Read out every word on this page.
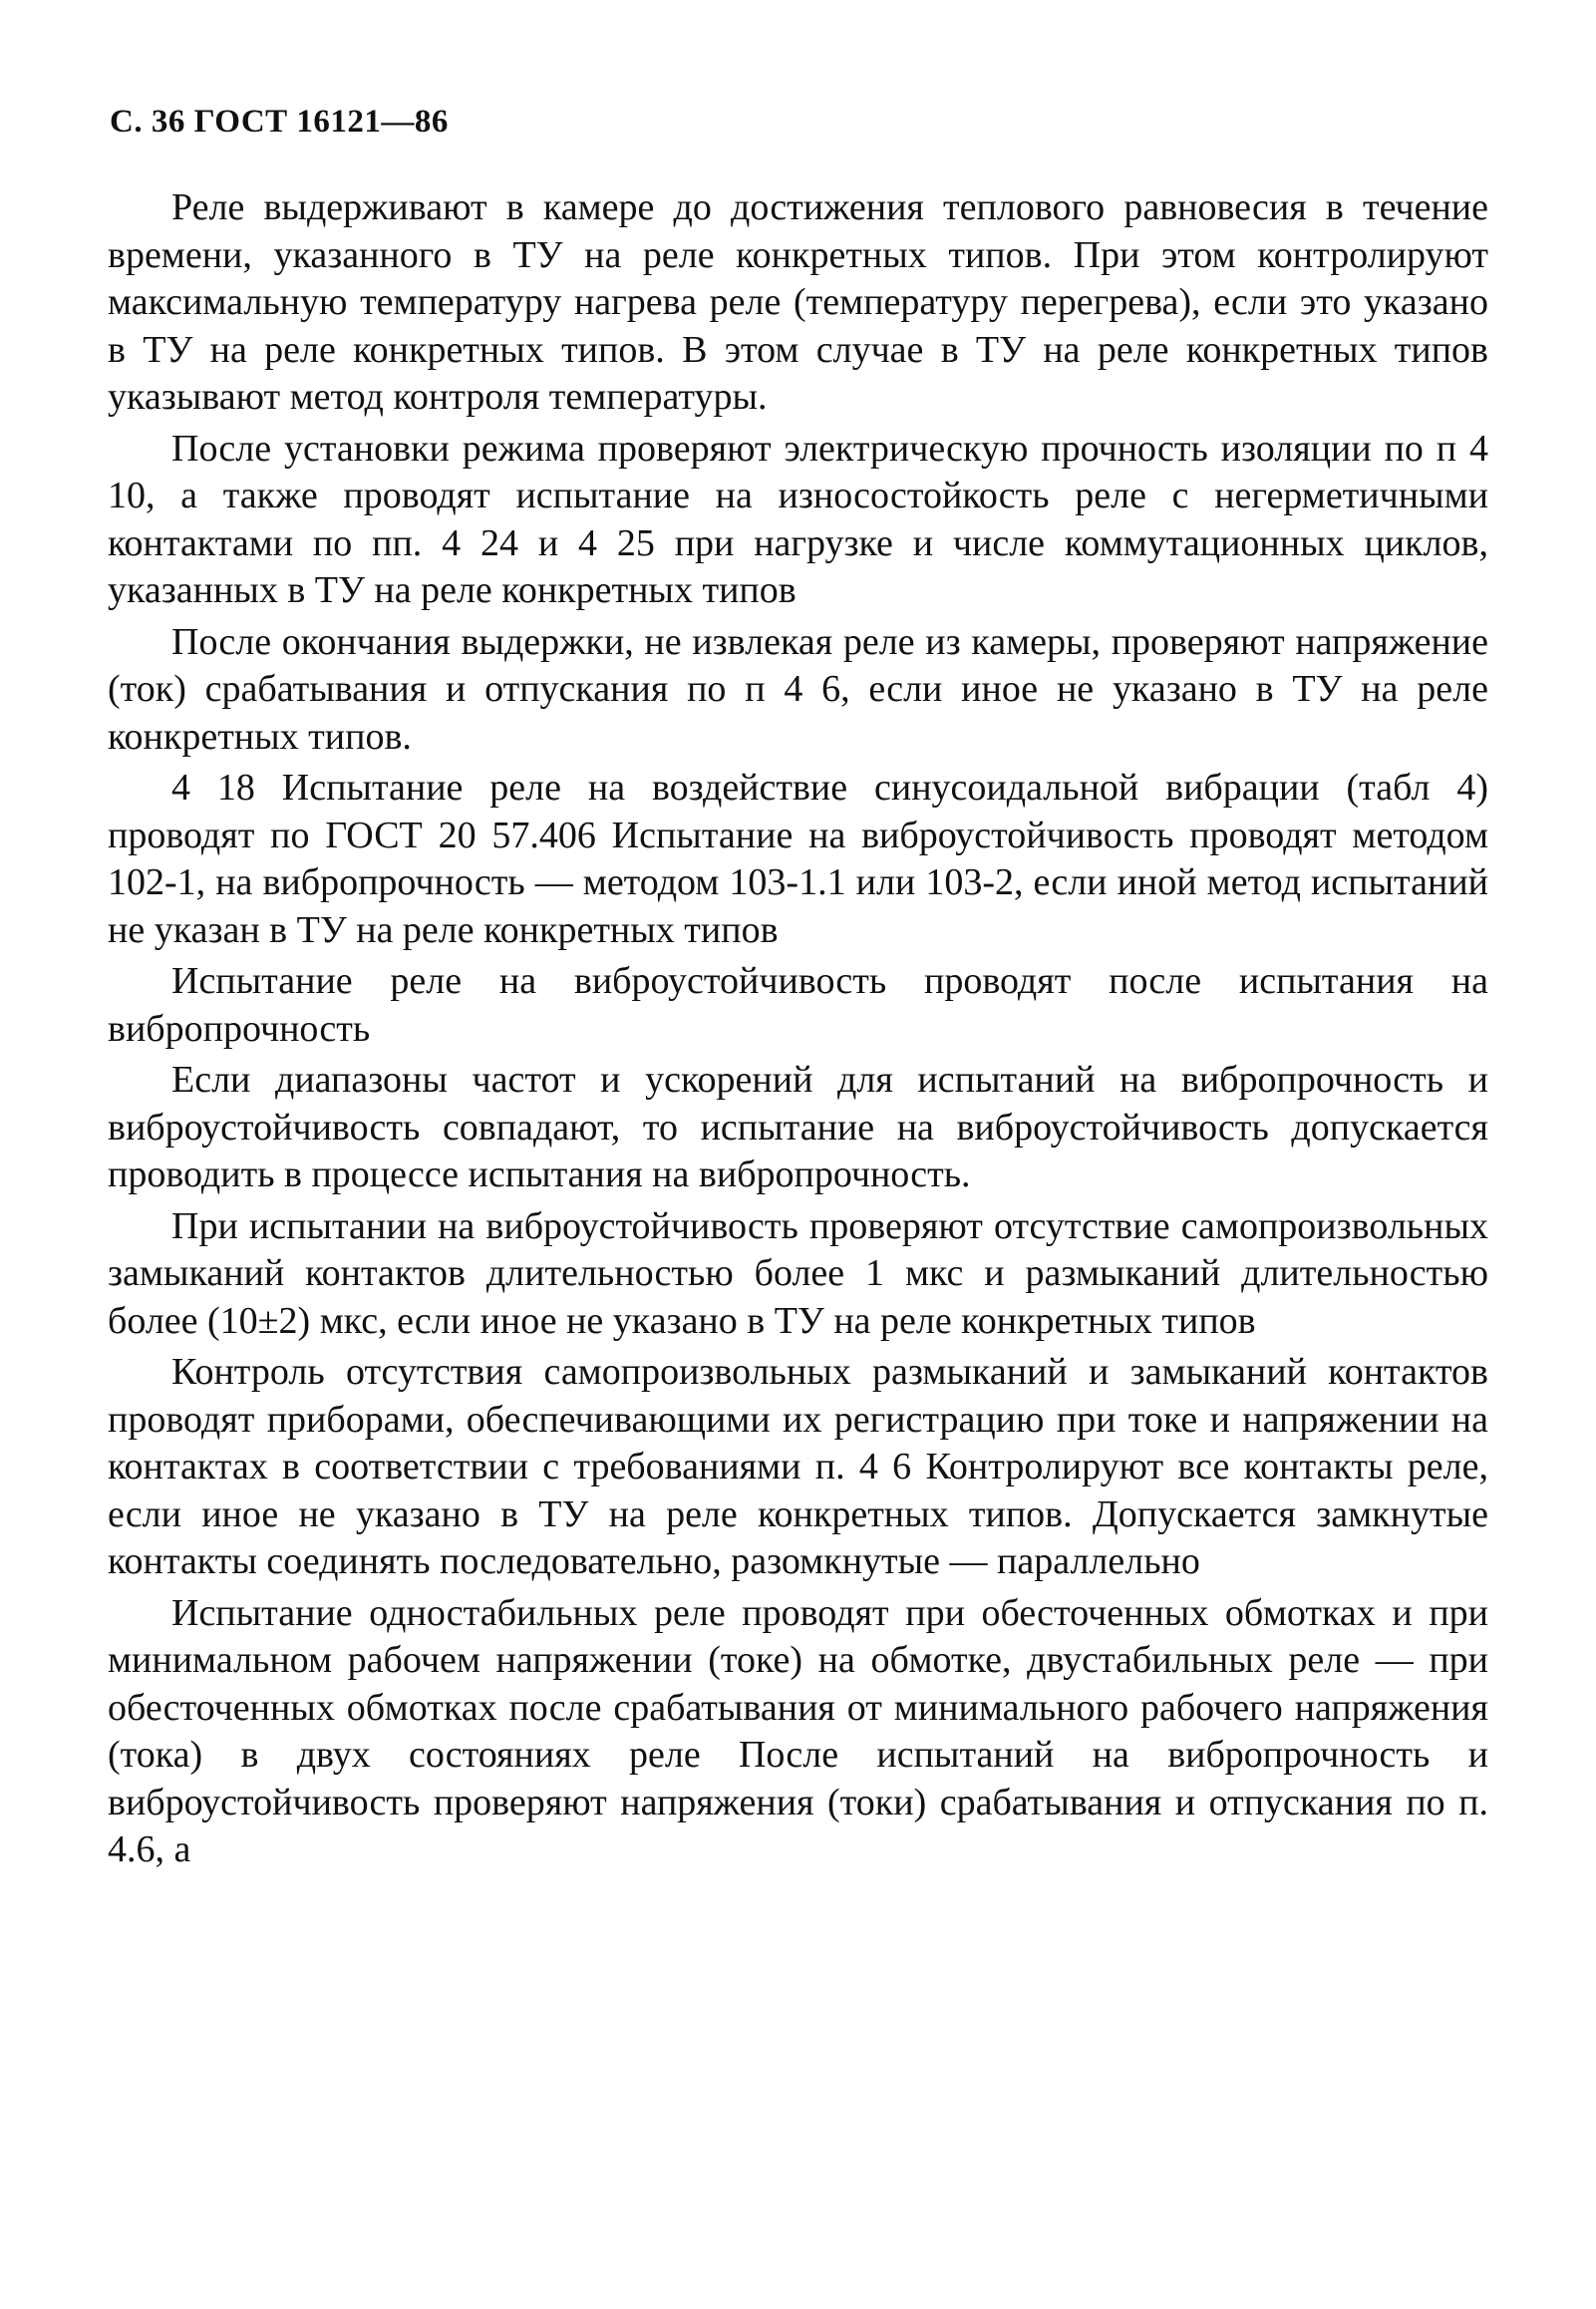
С. 36 ГОСТ 16121—86

Реле выдерживают в камере до достижения теплового равновесия в течение времени, указанного в ТУ на реле конкретных типов. При этом контролируют максимальную температуру нагрева реле (температуру перегрева), если это указано в ТУ на реле конкретных типов. В этом случае в ТУ на реле конкретных типов указывают метод контроля температуры.

После установки режима проверяют электрическую прочность изоляции по п 4 10, а также проводят испытание на износостойкость реле с негерметичными контактами по пп. 4 24 и 4 25 при нагрузке и числе коммутационных циклов, указанных в ТУ на реле конкретных типов

После окончания выдержки, не извлекая реле из камеры, проверяют напряжение (ток) срабатывания и отпускания по п 4 6, если иное не указано в ТУ на реле конкретных типов.

4 18 Испытание реле на воздействие синусоидальной вибрации (табл 4) проводят по ГОСТ 20 57.406 Испытание на виброустойчивость проводят методом 102-1, на вибропрочность — методом 103-1.1 или 103-2, если иной метод испытаний не указан в ТУ на реле конкретных типов

Испытание реле на виброустойчивость проводят после испытания на вибропрочность

Если диапазоны частот и ускорений для испытаний на вибропрочность и виброустойчивость совпадают, то испытание на виброустойчивость допускается проводить в процессе испытания на вибропрочность.

При испытании на виброустойчивость проверяют отсутствие самопроизвольных замыканий контактов длительностью более 1 мкс и размыканий длительностью более (10±2) мкс, если иное не указано в ТУ на реле конкретных типов

Контроль отсутствия самопроизвольных размыканий и замыканий контактов проводят приборами, обеспечивающими их регистрацию при токе и напряжении на контактах в соответствии с требованиями п. 4 6 Контролируют все контакты реле, если иное не указано в ТУ на реле конкретных типов. Допускается замкнутые контакты соединять последовательно, разомкнутые — параллельно

Испытание одностабильных реле проводят при обесточенных обмотках и при минимальном рабочем напряжении (токе) на обмотке, двустабильных реле — при обесточенных обмотках после срабатывания от минимального рабочего напряжения (тока) в двух состояниях реле После испытаний на вибропрочность и виброустойчивость проверяют напряжения (токи) срабатывания и отпускания по п. 4.6, а
